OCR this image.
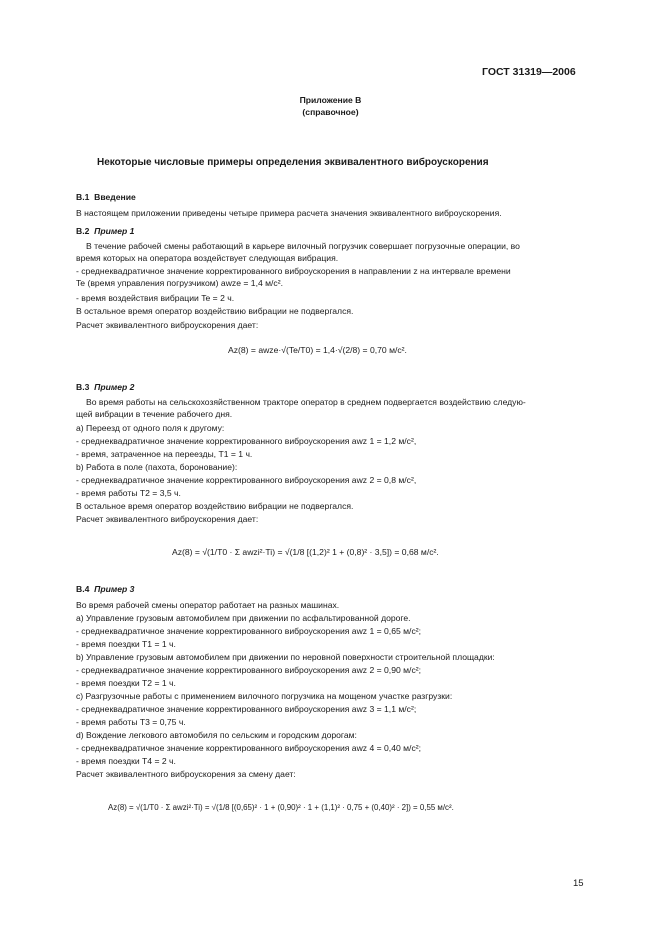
ГОСТ 31319—2006
Приложение В
(справочное)
Некоторые числовые примеры определения эквивалентного виброускорения
В.1 Введение
В настоящем приложении приведены четыре примера расчета значения эквивалентного виброускорения.
В.2 Пример 1
В течение рабочей смены работающий в карьере вилочный погрузчик совершает погрузочные операции, во
время которых на оператора воздействует следующая вибрация.
- среднеквадратичное значение корректированного виброускорения в направлении z на интервале времени
Te (время управления погрузчиком) awze = 1,4 м/с².
- время воздействия вибрации Te = 2 ч.
В остальное время оператор воздействию вибрации не подвергался.
Расчет эквивалентного виброускорения дает:
Az(8) = awze·√(Te/T0) = 1,4·√(2/8) = 0,70 м/с².
В.3 Пример 2
Во время работы на сельскохозяйственном тракторе оператор в среднем подвергается воздействию следую-
щей вибрации в течение рабочего дня.
a) Переезд от одного поля к другому:
- среднеквадратичное значение корректированного виброускорения awz 1 = 1,2 м/с²,
- время, затраченное на переезды, T1 = 1 ч.
b) Работа в поле (пахота, боронование):
- среднеквадратичное значение корректированного виброускорения awz 2 = 0,8 м/с²,
- время работы T2 = 3,5 ч.
В остальное время оператор воздействию вибрации не подвергался.
Расчет эквивалентного виброускорения дает:
Az(8) = √(1/T0 · Σ awzi²·Ti) = √(1/8 [(1,2)² 1 + (0,8)² · 3,5]) = 0,68 м/с².
В.4 Пример 3
Во время рабочей смены оператор работает на разных машинах.
a) Управление грузовым автомобилем при движении по асфальтированной дороге.
- среднеквадратичное значение корректированного виброускорения awz 1 = 0,65 м/с²;
- время поездки T1 = 1 ч.
b) Управление грузовым автомобилем при движении по неровной поверхности строительной площадки:
- среднеквадратичное значение корректированного виброускорения awz 2 = 0,90 м/с²;
- время поездки T2 = 1 ч.
c) Разгрузочные работы с применением вилочного погрузчика на мощеном участке разгрузки:
- среднеквадратичное значение корректированного виброускорения awz 3 = 1,1 м/с²;
- время работы T3 = 0,75 ч.
d) Вождение легкового автомобиля по сельским и городским дорогам:
- среднеквадратичное значение корректированного виброускорения awz 4 = 0,40 м/с²;
- время поездки T4 = 2 ч.
Расчет эквивалентного виброускорения за смену дает:
Az(8) = √(1/T0 · Σ awzi²·Ti) = √(1/8 [(0,65)² · 1 + (0,90)² · 1 + (1,1)² · 0,75 + (0,40)² · 2]) = 0,55 м/с².
15
